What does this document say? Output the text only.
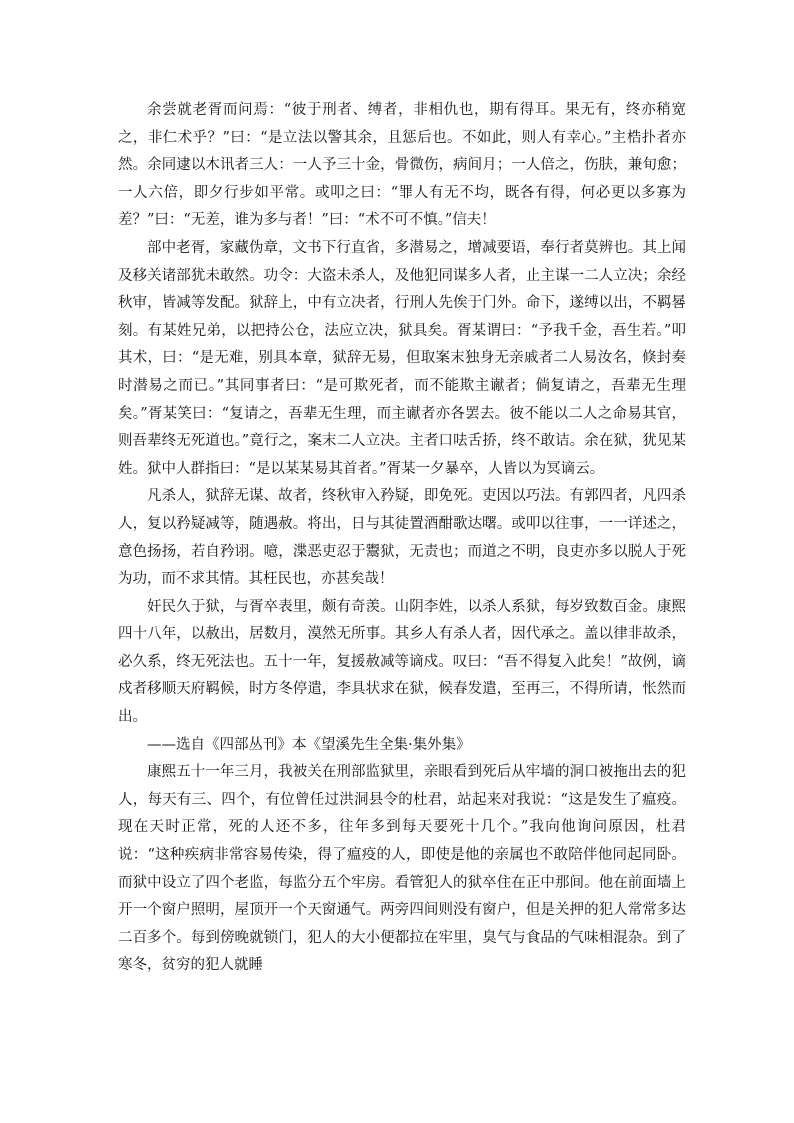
余尝就老胥而问焉：“彼于刑者、缚者，非相仇也，期有得耳。果无有，终亦稍宽之，非仁术乎？”曰：“是立法以警其余，且惩后也。不如此，则人有幸心。”主梏扑者亦然。余同逮以木讯者三人：一人予三十金，骨微伤，病间月；一人倍之，伤肤，兼旬愈；一人六倍，即夕行步如平常。或叩之曰：“罪人有无不均，既各有得，何必更以多寡为差？”曰：“无差，谁为多与者！”曰：“术不可不慎。”信夫！

部中老胥，家藏伪章，文书下行直省，多潜易之，增减要语，奉行者莫辨也。其上闻及移关诸部犹未敢然。功令：大盗未杀人，及他犯同谋多人者，止主谋一二人立决；余经秋审，皆减等发配。狱辞上，中有立决者，行刑人先俟于门外。命下，遂缚以出，不羁晷刻。有某姓兄弟，以把持公仓，法应立决，狱具矣。胥某谓曰：“予我千金，吾生若。”叩其术，曰：“是无难，别具本章，狱辞无易，但取案末独身无亲戚者二人易汝名，倏封奏时潜易之而已。”其同事者曰：“是可欺死者，而不能欺主谳者；倘复请之，吾辈无生理矣。”胥某笑曰：“复请之，吾辈无生理，而主谳者亦各罢去。彼不能以二人之命易其官，则吾辈终无死道也。”竟行之，案末二人立决。主者口呿舌挢，终不敢诘。余在狱，犹见某姓。狱中人群指曰：“是以某某易其首者。”胥某一夕暴卒，人皆以为冥谪云。

凡杀人，狱辞无谋、故者，终秋审入矜疑，即免死。吏因以巧法。有郭四者，凡四杀人，复以矜疑减等，随遇赦。将出，日与其徒置酒酣歌达曙。或叩以往事，一一详述之，意色扬扬，若自矜诩。噫，渫恶吏忍于鬻狱，无责也；而道之不明，良吏亦多以脱人于死为功，而不求其情。其枉民也，亦甚矣哉！

奸民久于狱，与胥卒表里，颇有奇羡。山阴李姓，以杀人系狱，每岁致数百金。康熙四十八年，以赦出，居数月，漠然无所事。其乡人有杀人者，因代承之。盖以律非故杀，必久系，终无死法也。五十一年，复援赦减等谪戍。叹曰：“吾不得复入此矣！”故例，谪戍者移顺天府羁候，时方冬停遣，李具状求在狱，候春发遣，至再三，不得所请，怅然而出。

——选自《四部丛刊》本《望溪先生全集·集外集》

康熙五十一年三月，我被关在刑部监狱里，亲眼看到死后从牢墙的洞口被拖出去的犯人，每天有三、四个，有位曾任过洪洞县令的杜君，站起来对我说：“这是发生了瘟疫。现在天时正常，死的人还不多，往年多到每天要死十几个。”我向他询问原因，杜君说：“这种疾病非常容易传染，得了瘟疫的人，即使是他的亲属也不敢陪伴他同起同卧。而狱中设立了四个老监，每监分五个牢房。看管犯人的狱卒住在正中那间。他在前面墙上开一个窗户照明，屋顶开一个天窗通气。两旁四间则没有窗户，但是关押的犯人常常多达二百多个。每到傍晚就锁门，犯人的大小便都拉在牢里，臭气与食品的气味相混杂。到了寒冬，贫穷的犯人就睡
